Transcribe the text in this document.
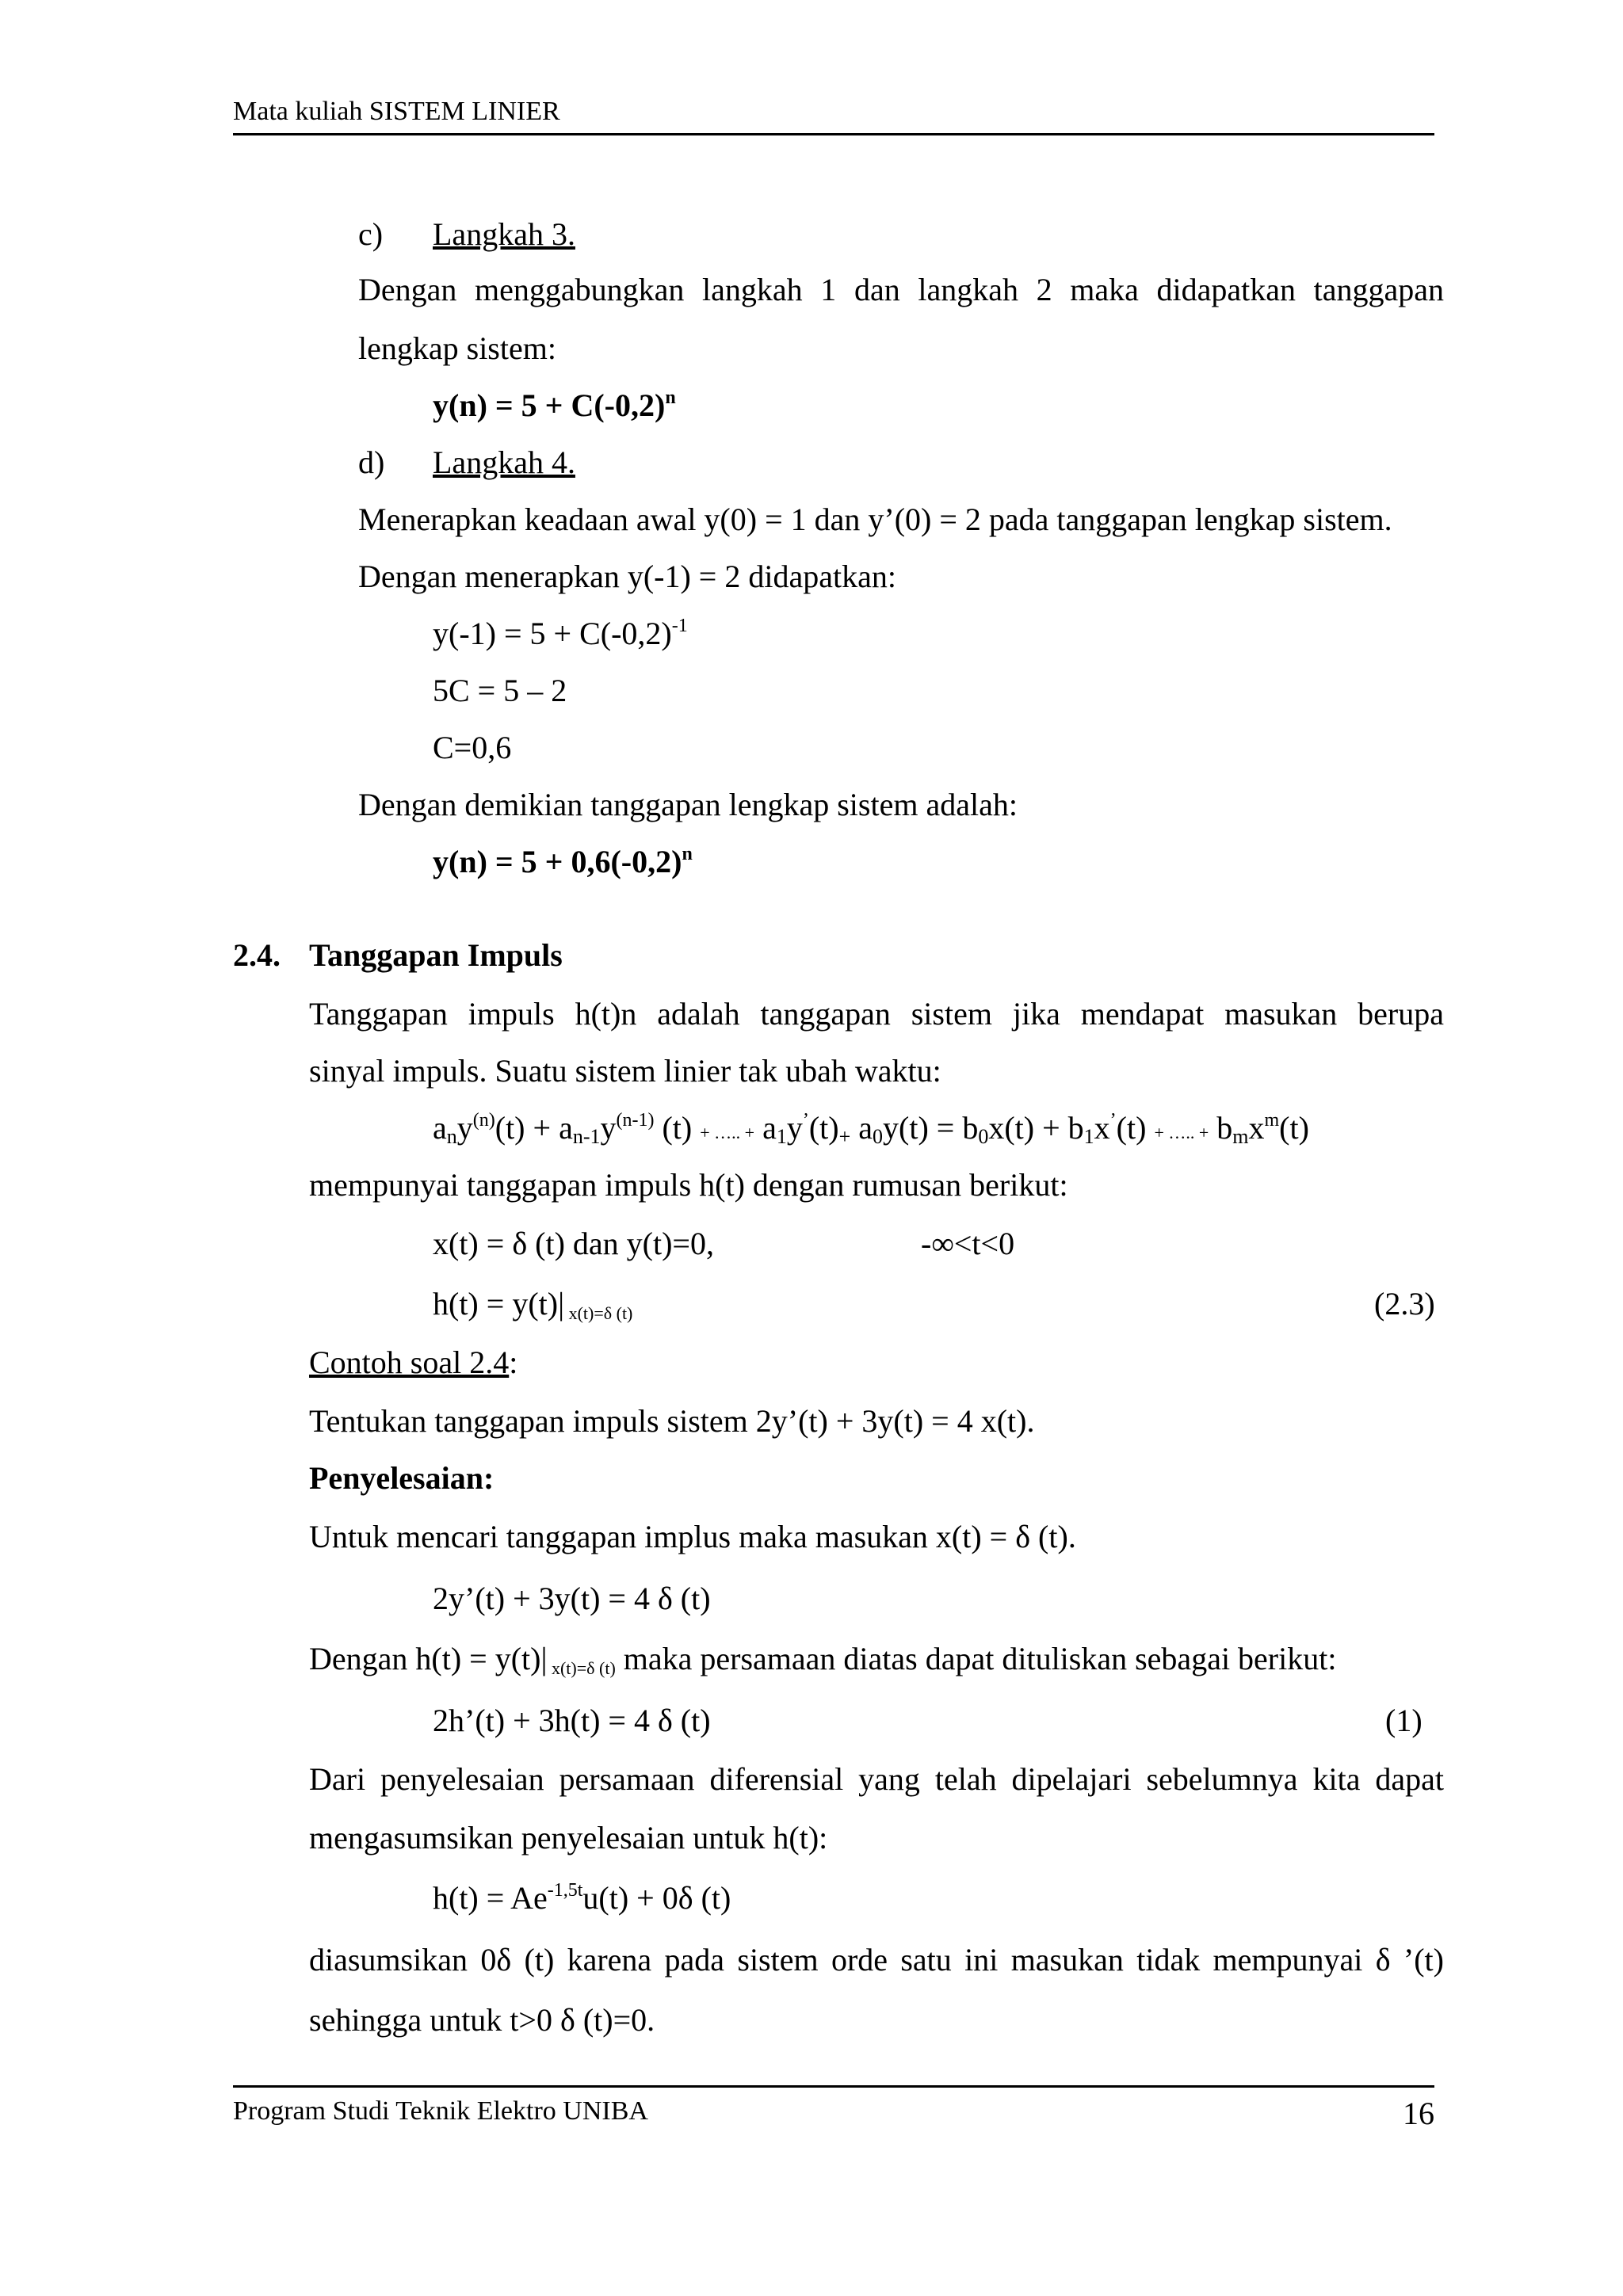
Mata kuliah SISTEM LINIER
c) Langkah 3.
Dengan menggabungkan langkah 1 dan langkah 2 maka didapatkan tanggapan
lengkap sistem:
$y(n) = 5 + C(-0,2)^n$
d) Langkah 4.
Menerapkan keadaan awal y(0) = 1 dan y’(0) = 2 pada tanggapan lengkap sistem.
Dengan menerapkan y(-1) = 2 didapatkan:
$y(-1) = 5 + C(-0,2)^{-1}$
5C = 5 – 2
C=0,6
Dengan demikian tanggapan lengkap sistem adalah:
$y(n) = 5 + 0,6(-0,2)^n$
2.4. Tanggapan Impuls
Tanggapan impuls h(t)n adalah tanggapan sistem jika mendapat masukan berupa
sinyal impuls. Suatu sistem linier tak ubah waktu:
$a_ny^{(n)}(t) + a_{n-1}y^{(n-1)}$ (t) + ….. + $a_1y^’(t)_+$ $a_0y(t) = b_0x(t) + b_1x^’(t)$ + ….. + $b_mx^m(t)$
mempunyai tanggapan impuls h(t) dengan rumusan berikut:
x(t) = δ (t) dan y(t)=0,	-∞<t<0
h(t) = y(t)| $_{x(t)=\delta (t)}$	(2.3)
Contoh soal 2.4:
Tentukan tanggapan impuls sistem 2y’(t) + 3y(t) = 4 x(t).
Penyelesaian:
Untuk mencari tanggapan implus maka masukan x(t) = δ (t).
2y’(t) + 3y(t) = 4 δ (t)
Dengan h(t) = y(t)| $_{x(t)=\delta (t)}$ maka persamaan diatas dapat dituliskan sebagai berikut:
2h’(t) + 3h(t) = 4 δ (t)	(1)
Dari penyelesaian persamaan diferensial yang telah dipelajari sebelumnya kita dapat
mengasumsikan penyelesaian untuk h(t):
$h(t) = Ae^{-1,5t}u(t) + 0\delta$ (t)
diasumsikan 0δ (t) karena pada sistem orde satu ini masukan tidak mempunyai δ ’(t)
sehingga untuk t>0 δ (t)=0.
Program Studi Teknik Elektro UNIBA	16
